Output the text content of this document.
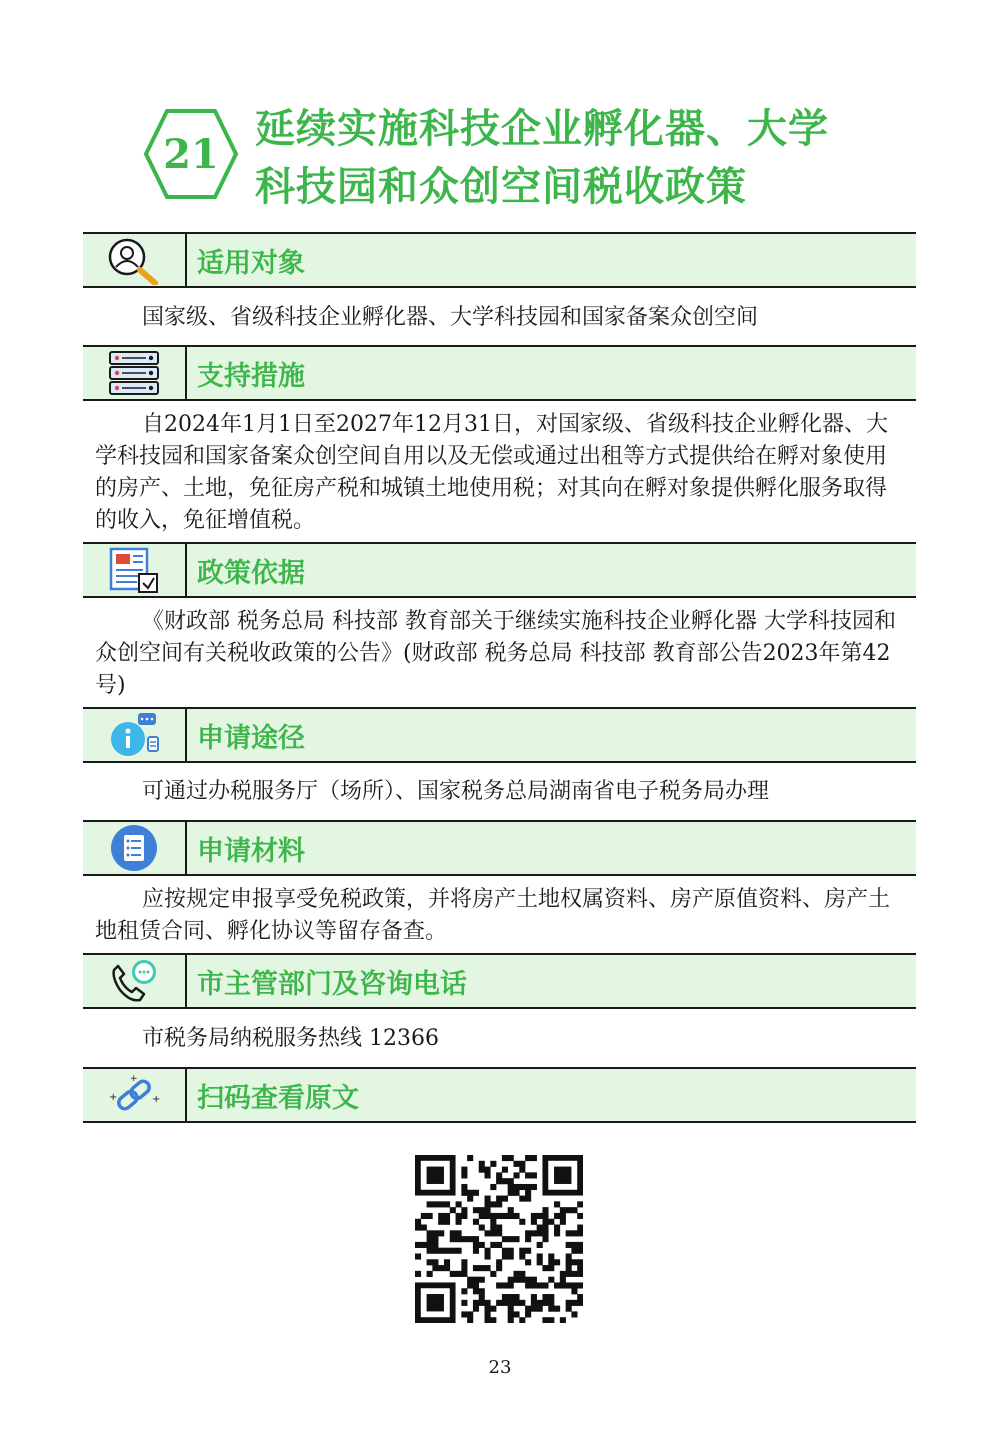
21
延续实施科技企业孵化器、大学
科技园和众创空间税收政策
适用对象
国家级、省级科技企业孵化器、大学科技园和国家备案众创空间
支持措施
自2024年1月1日至2027年12月31日，对国家级、省级科技企业孵化器、大学科技园和国家备案众创空间自用以及无偿或通过出租等方式提供给在孵对象使用的房产、土地，免征房产税和城镇土地使用税；对其向在孵对象提供孵化服务取得的收入，免征增值税。
政策依据
《财政部 税务总局 科技部 教育部关于继续实施科技企业孵化器 大学科技园和众创空间有关税收政策的公告》(财政部 税务总局 科技部 教育部公告2023年第42号)
申请途径
可通过办税服务厅（场所）、国家税务总局湖南省电子税务局办理
申请材料
应按规定申报享受免税政策，并将房产土地权属资料、房产原值资料、房产土地租赁合同、孵化协议等留存备查。
市主管部门及咨询电话
市税务局纳税服务热线 12366
+	+
+
扫码查看原文
23
